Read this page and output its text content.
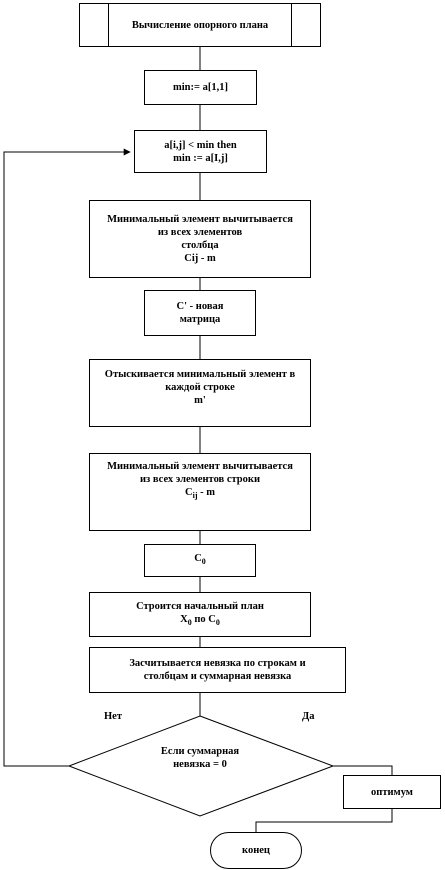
Вычисление опорного плана
min:= a[1,1]
a[i,j] < min then
min := a[I,j]
Минимальный элемент вычитывается
из всех элементов
столбца
Cij - m
C' - новая
матрица
Отыскивается минимальный элемент в
каждой строке
m'
Минимальный элемент вычитывается
из всех элементов строки
$C_{ij}$ - m
$C_0$
Строится начальный план
$X_0$ по $C_0$
Засчитывается невязка по строкам и
столбцам и суммарная невязка
Если суммарная
невязка = 0
Нет	Да
оптимум
конец
